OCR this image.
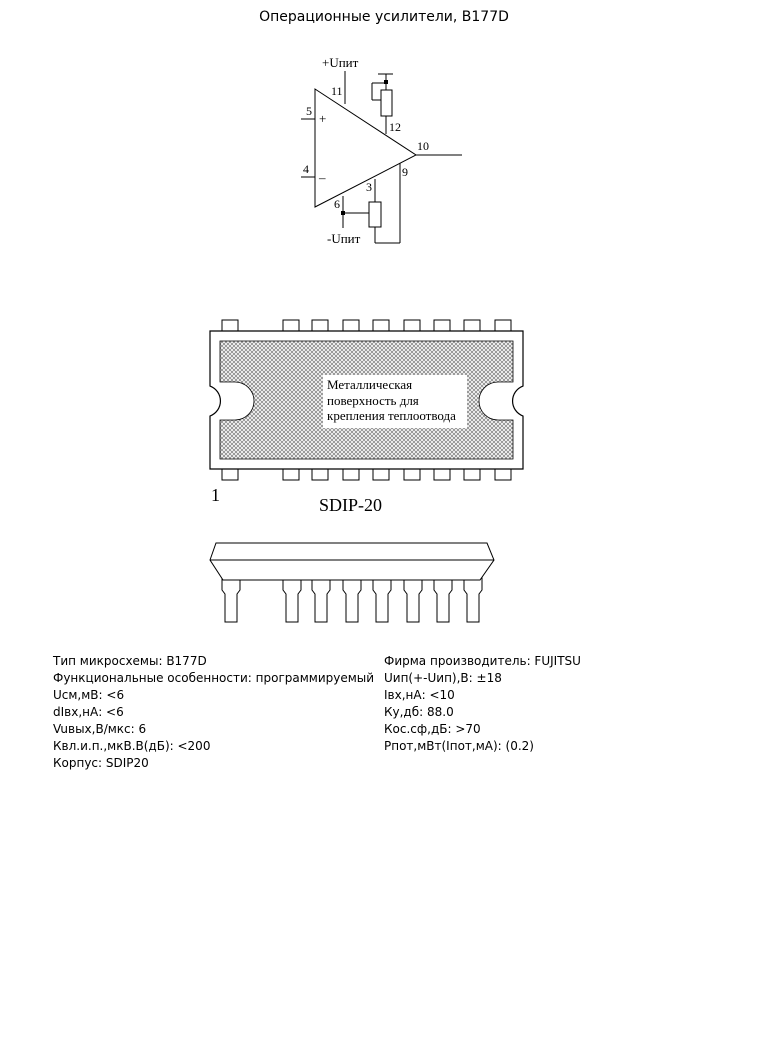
Операционные усилители, B177D
+Uпит
-Uпит
5
4
11
12
10
9
3
6
+
–
Металлическая
поверхность для
крепления теплоотвода
1	SDIP-20
Тип микросхемы: B177D
Функциональные особенности: программируемый
Uсм,мВ: <6
dIвх,нА: <6
Vuвых,В/мкс: 6
Квл.и.п.,мкВ.В(дБ): <200
Корпус: SDIP20
Фирма производитель: FUJITSU
Uип(+-Uип),В: ±18
Iвх,нА: <10
Ку,дб: 88.0
Кос.сф,дБ: >70
Рпот,мВт(Iпот,мА): (0.2)
